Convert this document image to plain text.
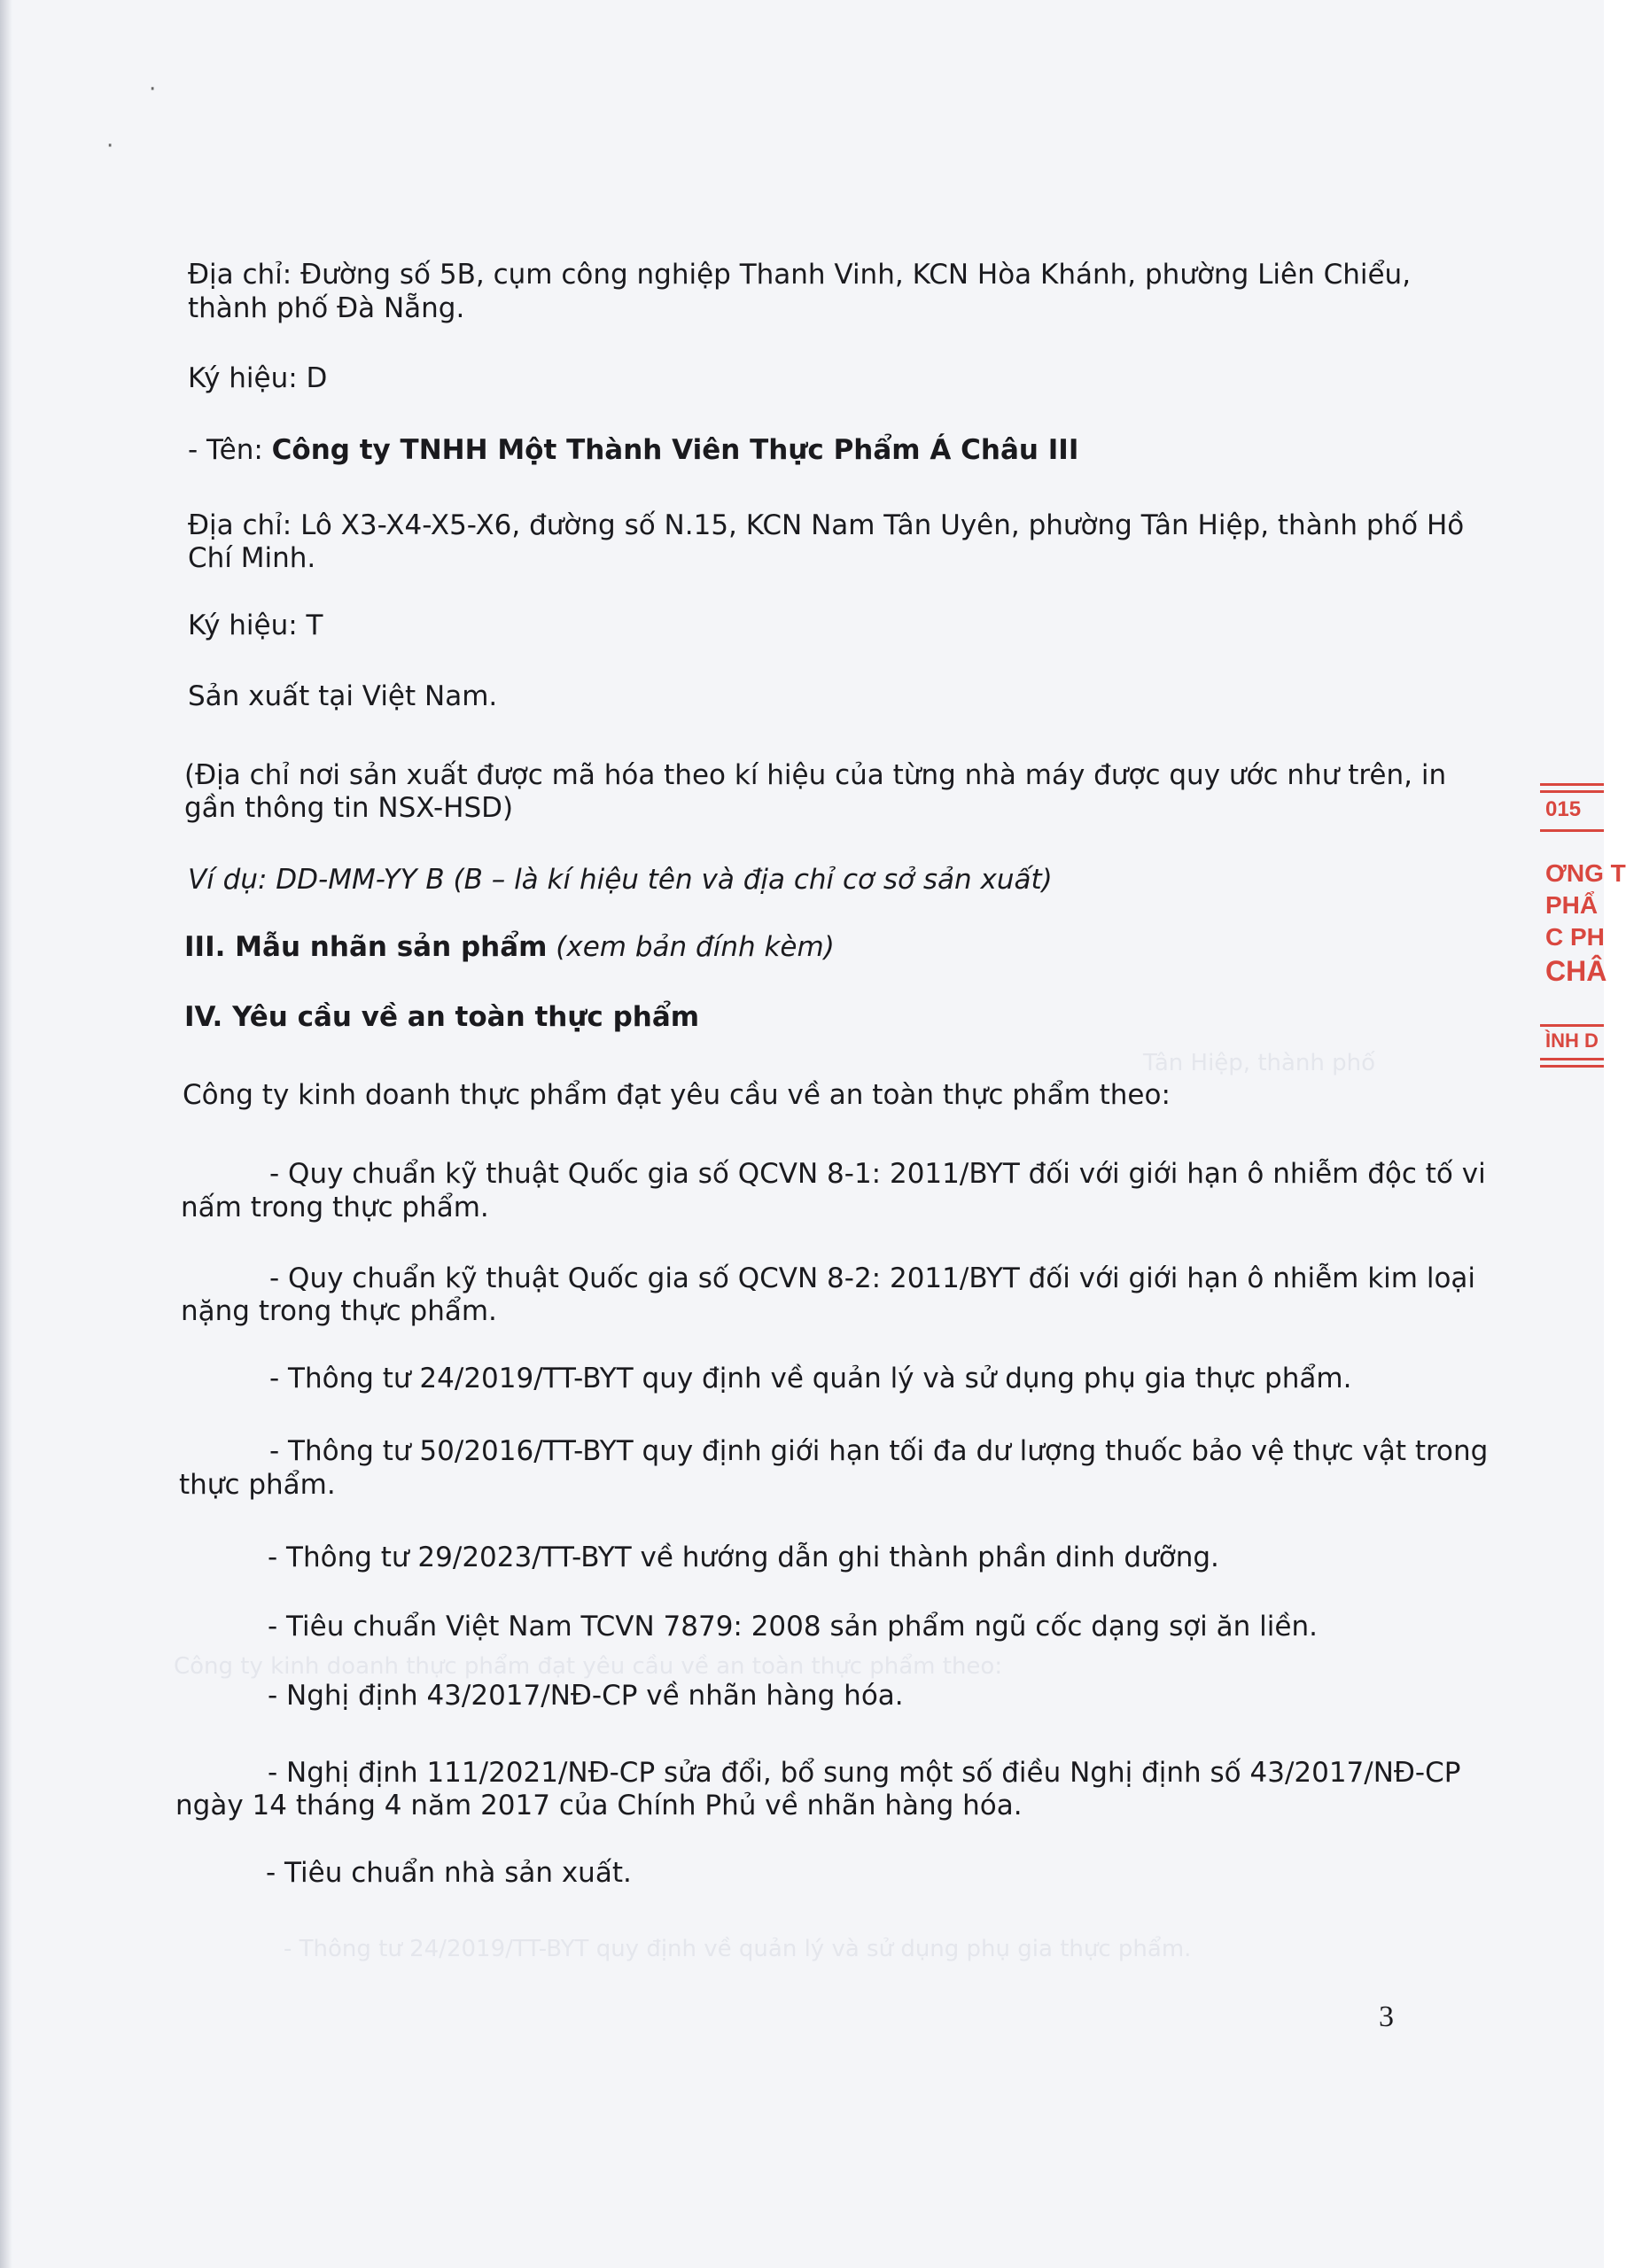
Tân Hiệp, thành phố
Công ty kinh doanh thực phẩm đạt yêu cầu về an toàn thực phẩm theo:
- Thông tư 24/2019/TT-BYT quy định về quản lý và sử dụng phụ gia thực phẩm.
·
·
Địa chỉ: Đường số 5B, cụm công nghiệp Thanh Vinh, KCN Hòa Khánh, phường Liên Chiểu,
thành phố Đà Nẵng.
Ký hiệu: D
- Tên: Công ty TNHH Một Thành Viên Thực Phẩm Á Châu III
Địa chỉ: Lô X3-X4-X5-X6, đường số N.15, KCN Nam Tân Uyên, phường Tân Hiệp, thành phố Hồ
Chí Minh.
Ký hiệu: T
Sản xuất tại Việt Nam.
(Địa chỉ nơi sản xuất được mã hóa theo kí hiệu của từng nhà máy được quy ước như trên, in
gần thông tin NSX-HSD)
Ví dụ: DD-MM-YY B (B – là kí hiệu tên và địa chỉ cơ sở sản xuất)
III. Mẫu nhãn sản phẩm (xem bản đính kèm)
IV. Yêu cầu về an toàn thực phẩm
Công ty kinh doanh thực phẩm đạt yêu cầu về an toàn thực phẩm theo:
- Quy chuẩn kỹ thuật Quốc gia số QCVN 8-1: 2011/BYT đối với giới hạn ô nhiễm độc tố vi
nấm trong thực phẩm.
- Quy chuẩn kỹ thuật Quốc gia số QCVN 8-2: 2011/BYT đối với giới hạn ô nhiễm kim loại
nặng trong thực phẩm.
- Thông tư 24/2019/TT-BYT quy định về quản lý và sử dụng phụ gia thực phẩm.
- Thông tư 50/2016/TT-BYT quy định giới hạn tối đa dư lượng thuốc bảo vệ thực vật trong
thực phẩm.
- Thông tư 29/2023/TT-BYT về hướng dẫn ghi thành phần dinh dưỡng.
- Tiêu chuẩn Việt Nam TCVN 7879: 2008 sản phẩm ngũ cốc dạng sợi ăn liền.
- Nghị định 43/2017/NĐ-CP về nhãn hàng hóa.
- Nghị định 111/2021/NĐ-CP sửa đổi, bổ sung một số điều Nghị định số 43/2017/NĐ-CP
ngày 14 tháng 4 năm 2017 của Chính Phủ về nhãn hàng hóa.
- Tiêu chuẩn nhà sản xuất.
3
015
ƠNG T
PHẨ
C PH
CHÂ
ÌNH D
